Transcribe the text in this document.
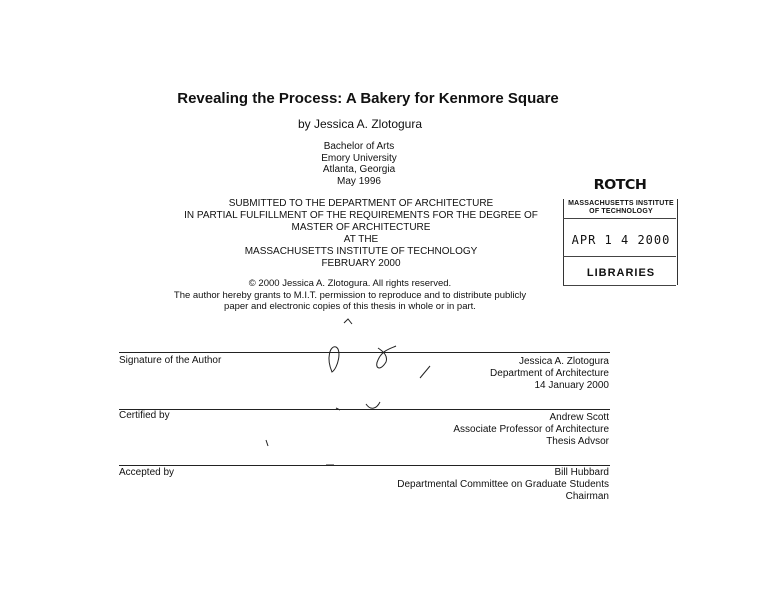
Revealing the Process: A Bakery for Kenmore Square
by Jessica A. Zlotogura
Bachelor of Arts
Emory University
Atlanta, Georgia
May 1996
SUBMITTED TO THE DEPARTMENT OF ARCHITECTURE
IN PARTIAL FULFILLMENT OF THE REQUIREMENTS FOR THE DEGREE OF
MASTER OF ARCHITECTURE
AT THE
MASSACHUSETTS INSTITUTE OF TECHNOLOGY
FEBRUARY 2000
© 2000 Jessica A. Zlotogura. All rights reserved.
The author hereby grants to M.I.T. permission to reproduce and to distribute publicly
paper and electronic copies of this thesis in whole or in part.
ROTCH
MASSACHUSETTS INSTITUTE
OF TECHNOLOGY
APR 1 4 2000
LIBRARIES
Signature of the Author	Jessica A. Zlotogura
Department of Architecture
14 January 2000
Certified by	Andrew Scott
Associate Professor of Architecture
Thesis Advsor
Accepted by	Bill Hubbard
Departmental Committee on Graduate Students
Chairman
